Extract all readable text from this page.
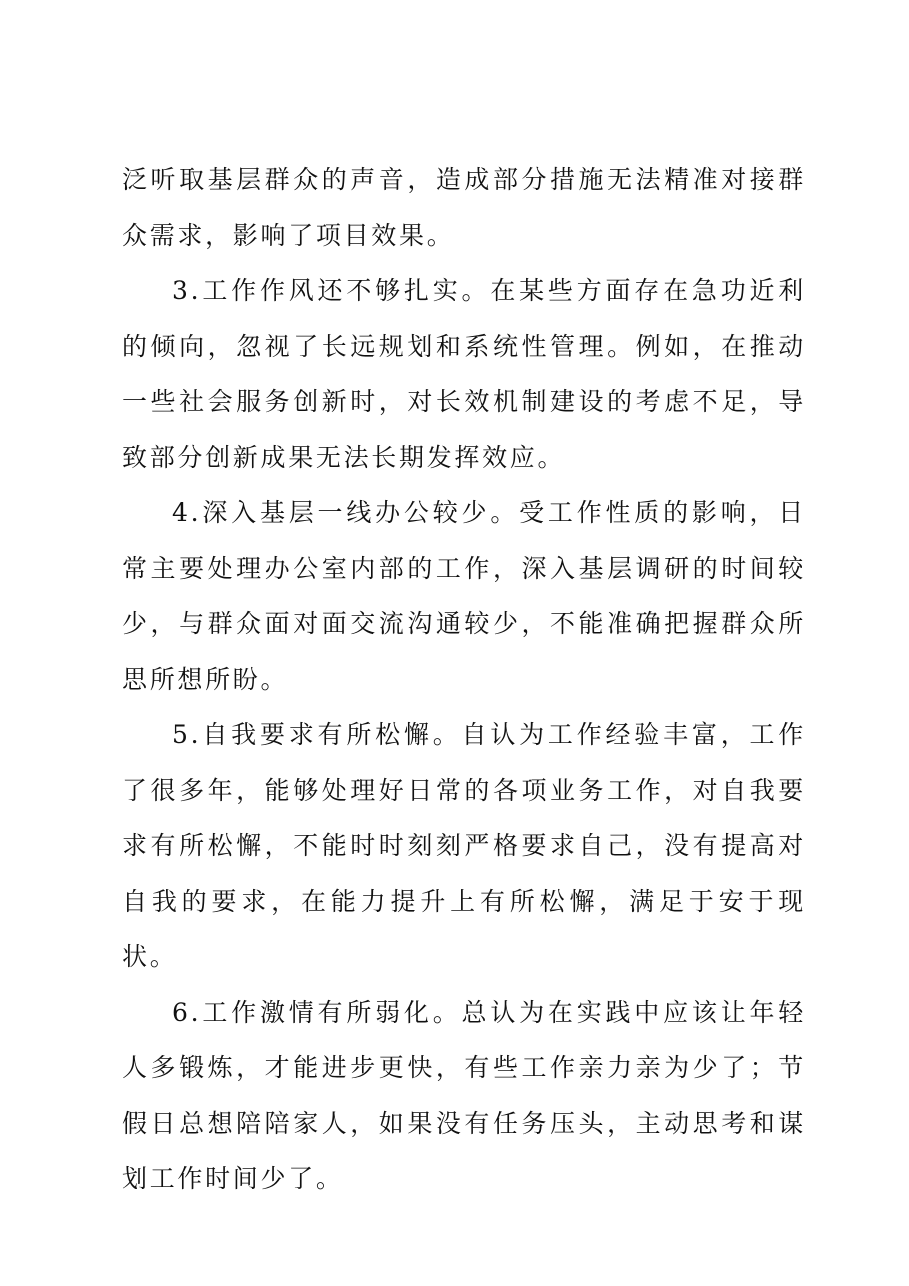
泛听取基层群众的声音，造成部分措施无法精准对接群众需求，影响了项目效果。

3.工作作风还不够扎实。在某些方面存在急功近利的倾向，忽视了长远规划和系统性管理。例如，在推动一些社会服务创新时，对长效机制建设的考虑不足，导致部分创新成果无法长期发挥效应。

4.深入基层一线办公较少。受工作性质的影响，日常主要处理办公室内部的工作，深入基层调研的时间较少，与群众面对面交流沟通较少，不能准确把握群众所思所想所盼。

5.自我要求有所松懈。自认为工作经验丰富，工作了很多年，能够处理好日常的各项业务工作，对自我要求有所松懈，不能时时刻刻严格要求自己，没有提高对自我的要求，在能力提升上有所松懈，满足于安于现状。

6.工作激情有所弱化。总认为在实践中应该让年轻人多锻炼，才能进步更快，有些工作亲力亲为少了；节假日总想陪陪家人，如果没有任务压头，主动思考和谋划工作时间少了。
